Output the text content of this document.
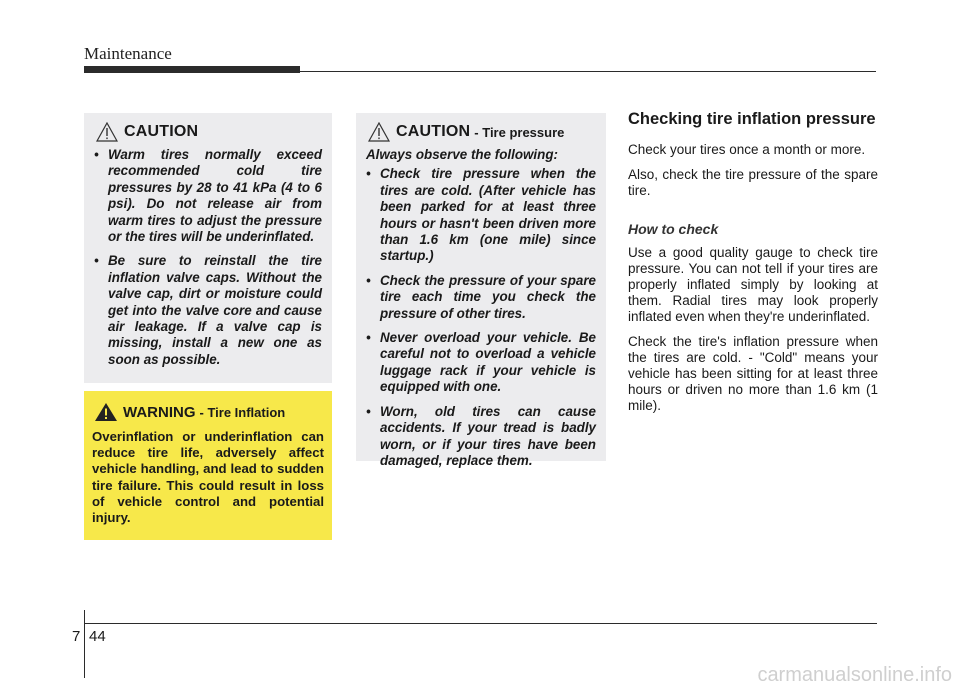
Maintenance
CAUTION
• Warm tires normally exceed recommended cold tire pressures by 28 to 41 kPa (4 to 6 psi). Do not release air from warm tires to adjust the pressure or the tires will be underinflated.
• Be sure to reinstall the tire inflation valve caps. Without the valve cap, dirt or moisture could get into the valve core and cause air leakage. If a valve cap is missing, install a new one as soon as possible.
WARNING - Tire Inflation
Overinflation or underinflation can reduce tire life, adversely affect vehicle handling, and lead to sudden tire failure. This could result in loss of vehicle control and potential injury.
CAUTION - Tire pressure
Always observe the following:
• Check tire pressure when the tires are cold. (After vehicle has been parked for at least three hours or hasn't been driven more than 1.6 km (one mile) since startup.)
• Check the pressure of your spare tire each time you check the pressure of other tires.
• Never overload your vehicle. Be careful not to overload a vehicle luggage rack if your vehicle is equipped with one.
• Worn, old tires can cause accidents. If your tread is badly worn, or if your tires have been damaged, replace them.
Checking tire inflation pressure

Check your tires once a month or more.

Also, check the tire pressure of the spare tire.

How to check

Use a good quality gauge to check tire pressure. You can not tell if your tires are properly inflated simply by looking at them. Radial tires may look properly inflated even when they're underinflated.

Check the tire's inflation pressure when the tires are cold. - "Cold" means your vehicle has been sitting for at least three hours or driven no more than 1.6 km (1 mile).

7 44
carmanualsonline.info
